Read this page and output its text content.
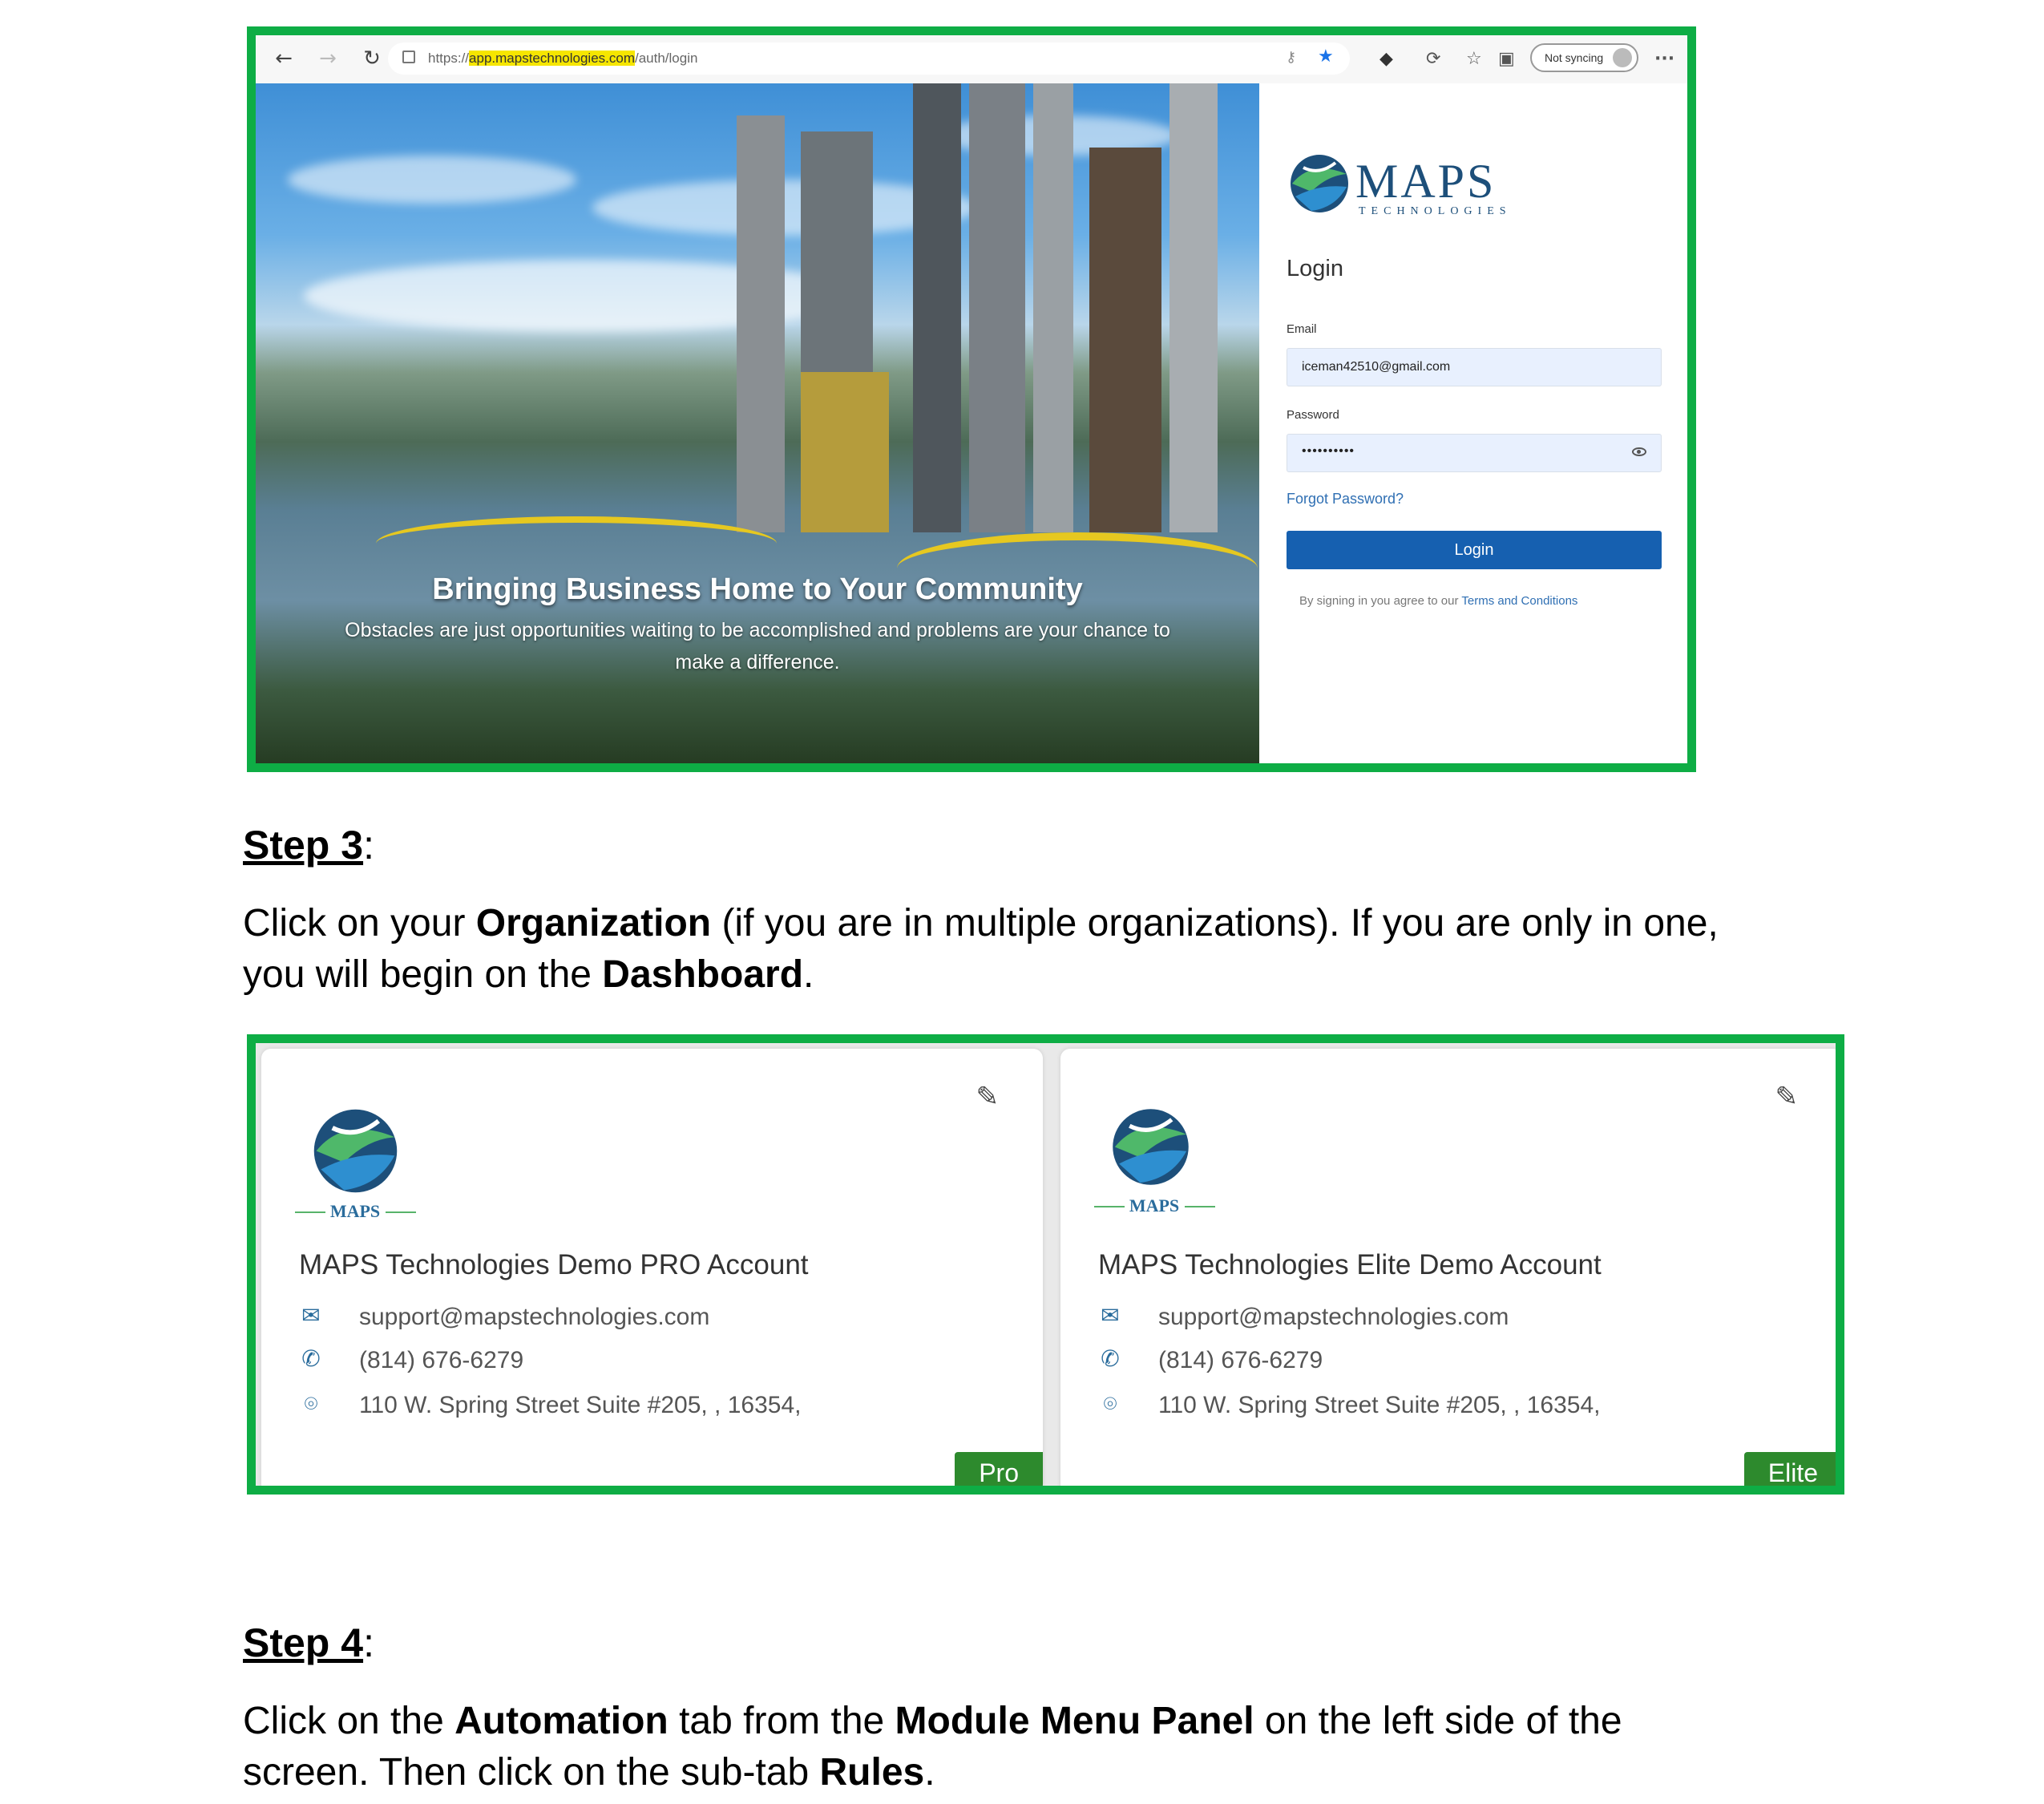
← → ↻	https://app.mapstechnologies.com/auth/login	⚷ ★	◆ ⟳ ☆ ▣	Not syncing	···
Bringing Business Home to Your Community
Obstacles are just opportunities waiting to be accomplished and problems are your chance to make a difference.
MAPS
TECHNOLOGIES
Login
Email
iceman42510@gmail.com
Password
••••••••••
Forgot Password?
Login
By signing in you agree to our Terms and Conditions
Step 3:
Click on your Organization (if you are in multiple organizations). If you are only in one,
you will begin on the Dashboard.
✎
MAPS
MAPS Technologies Demo PRO Account
✉ support@mapstechnologies.com
✆ (814) 676-6279
⌾ 110 W. Spring Street Suite #205, , 16354,
Pro
✎
MAPS
MAPS Technologies Elite Demo Account
✉ support@mapstechnologies.com
✆ (814) 676-6279
⌾ 110 W. Spring Street Suite #205, , 16354,
Elite
Step 4:
Click on the Automation tab from the Module Menu Panel on the left side of the
screen. Then click on the sub-tab Rules.
